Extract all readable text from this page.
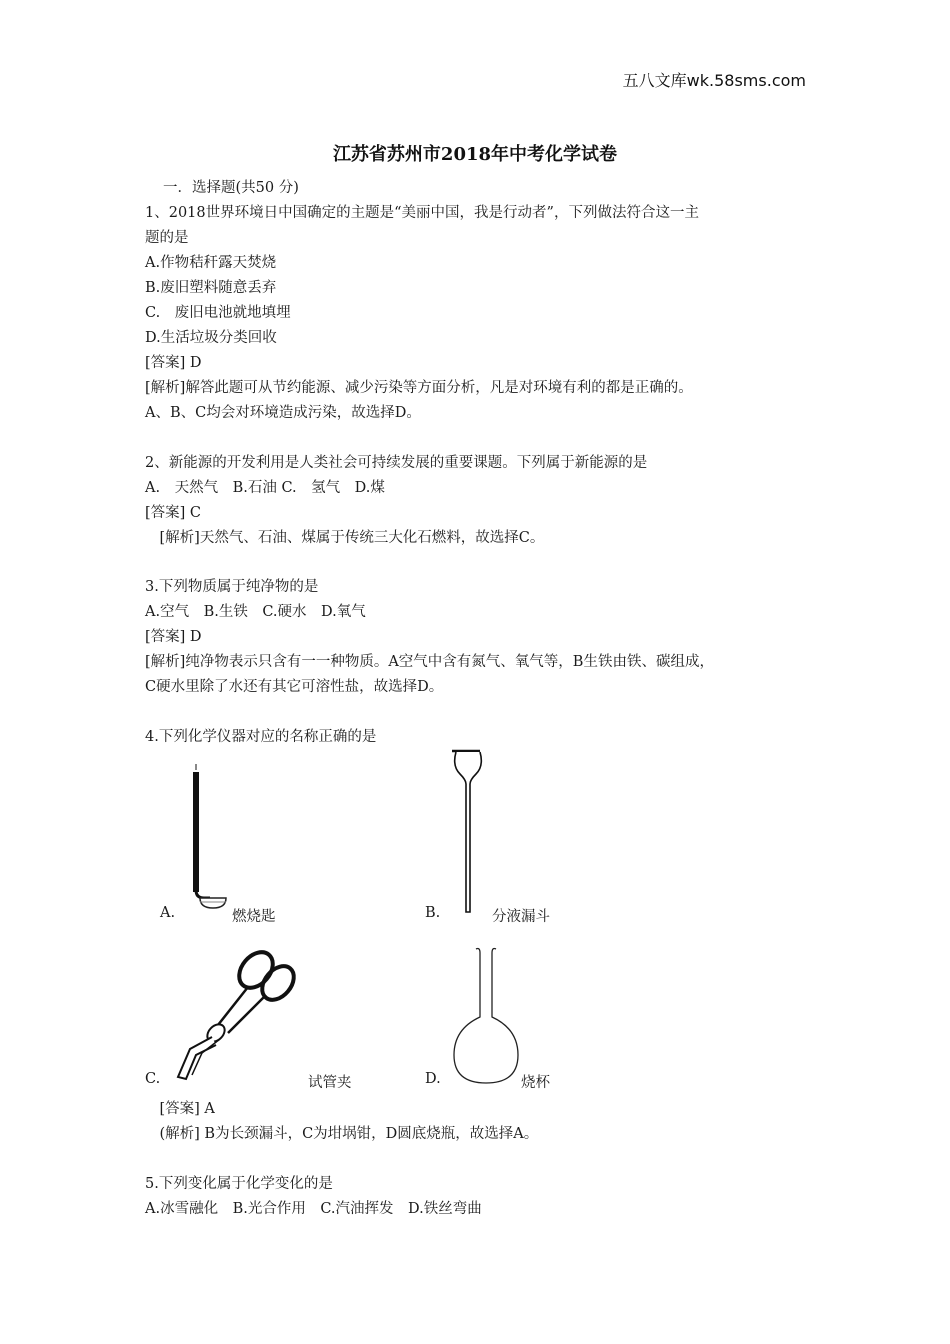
五八文库wk.58sms.com
江苏省苏州市2018年中考化学试卷
一．选择题(共50 分)
1、2018世界环境日中国确定的主题是“美丽中国，我是行动者”，下列做法符合这一主
题的是
A.作物秸秆露天焚烧
B.废旧塑料随意丢弃
C.　废旧电池就地填埋
D.生活垃圾分类回收
[答案] D
[解析]解答此题可从节约能源、减少污染等方面分析，凡是对环境有利的都是正确的。
A、B、C均会对环境造成污染，故选择D。
2、新能源的开发利用是人类社会可持续发展的重要课题。下列属于新能源的是
A.　天然气　B.石油 C.　氢气　D.煤
[答案] C
　[解析]天然气、石油、煤属于传统三大化石燃料，故选择C。
3.下列物质属于纯净物的是
A.空气　B.生铁　C.硬水　D.氧气
[答案] D
[解析]纯净物表示只含有一一种物质。A空气中含有氮气、氧气等，B生铁由铁、碳组成，
C硬水里除了水还有其它可溶性盐，故选择D。
4.下列化学仪器对应的名称正确的是
A.	燃烧匙	B.	分液漏斗
C.	试管夹	D.	烧杯
　[答案] A
　(解析] B为长颈漏斗，C为坩埚钳，D圆底烧瓶，故选择A。
5.下列变化属于化学变化的是
A.冰雪融化　B.光合作用　C.汽油挥发　D.铁丝弯曲
